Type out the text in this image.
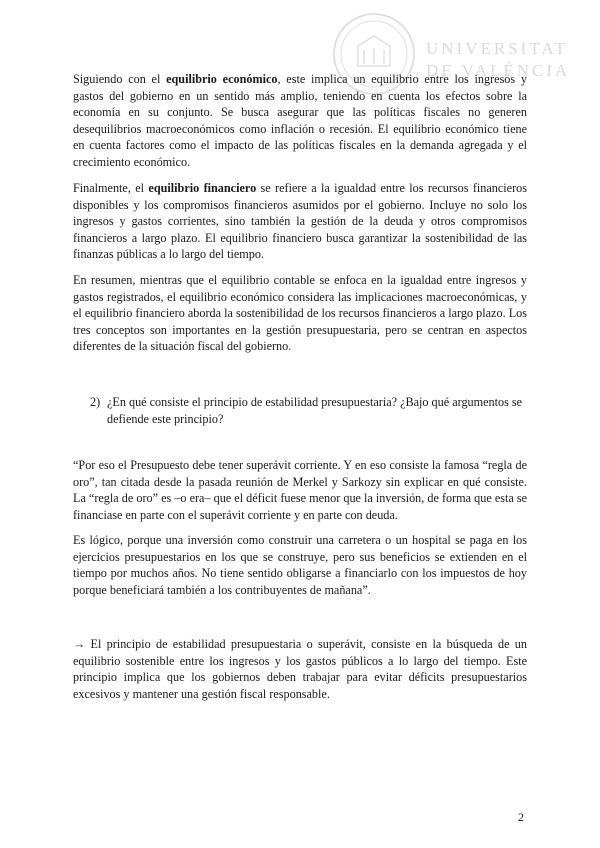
UNIVERSITAT DE VALÈNCIA

Siguiendo con el equilibrio económico, este implica un equilibrio entre los ingresos y gastos del gobierno en un sentido más amplio, teniendo en cuenta los efectos sobre la economía en su conjunto. Se busca asegurar que las políticas fiscales no generen desequilibrios macroeconómicos como inflación o recesión. El equilibrio económico tiene en cuenta factores como el impacto de las políticas fiscales en la demanda agregada y el crecimiento económico.

Finalmente, el equilibrio financiero se refiere a la igualdad entre los recursos financieros disponibles y los compromisos financieros asumidos por el gobierno. Incluye no solo los ingresos y gastos corrientes, sino también la gestión de la deuda y otros compromisos financieros a largo plazo. El equilibrio financiero busca garantizar la sostenibilidad de las finanzas públicas a lo largo del tiempo.

En resumen, mientras que el equilibrio contable se enfoca en la igualdad entre ingresos y gastos registrados, el equilibrio económico considera las implicaciones macroeconómicas, y el equilibrio financiero aborda la sostenibilidad de los recursos financieros a largo plazo. Los tres conceptos son importantes en la gestión presupuestaria, pero se centran en aspectos diferentes de la situación fiscal del gobierno.

2) ¿En qué consiste el principio de estabilidad presupuestaria? ¿Bajo qué argumentos se defiende este principio?

“Por eso el Presupuesto debe tener superávit corriente. Y en eso consiste la famosa “regla de oro”, tan citada desde la pasada reunión de Merkel y Sarkozy sin explicar en qué consiste. La “regla de oro” es –o era– que el déficit fuese menor que la inversión, de forma que esta se financiase en parte con el superávit corriente y en parte con deuda.

Es lógico, porque una inversión como construir una carretera o un hospital se paga en los ejercicios presupuestarios en los que se construye, pero sus beneficios se extienden en el tiempo por muchos años. No tiene sentido obligarse a financiarlo con los impuestos de hoy porque beneficiará también a los contribuyentes de mañana”.

→ El principio de estabilidad presupuestaria o superávit, consiste en la búsqueda de un equilibrio sostenible entre los ingresos y los gastos públicos a lo largo del tiempo. Este principio implica que los gobiernos deben trabajar para evitar déficits presupuestarios excesivos y mantener una gestión fiscal responsable.

2
